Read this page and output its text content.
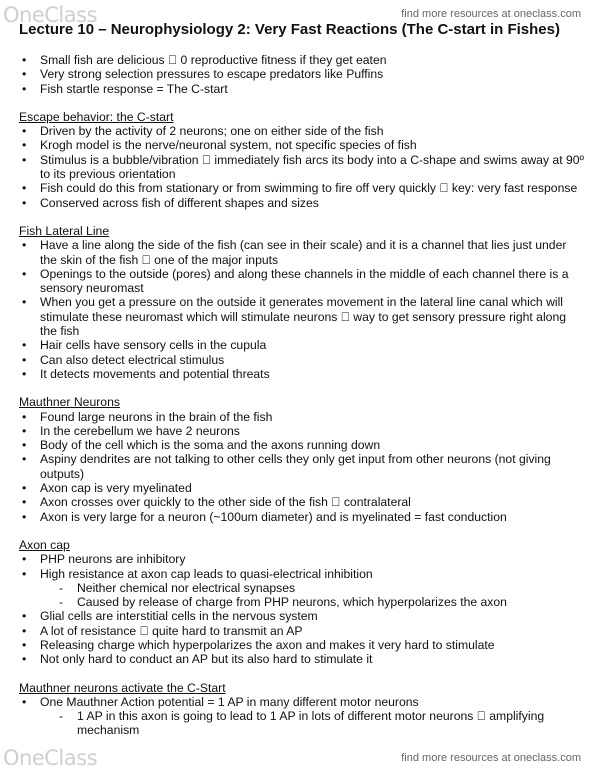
OneClass	find more resources at oneclass.com
Lecture 10 – Neurophysiology 2: Very Fast Reactions (The C-start in Fishes)
• Small fish are delicious 0 reproductive fitness if they get eaten
• Very strong selection pressures to escape predators like Puffins
• Fish startle response = The C-start
Escape behavior: the C-start
• Driven by the activity of 2 neurons; one on either side of the fish
• Krogh model is the nerve/neuronal system, not specific species of fish
• Stimulus is a bubble/vibration immediately fish arcs its body into a C-shape and swims away at 90º to its previous orientation
• Fish could do this from stationary or from swimming to fire off very quickly key: very fast response
• Conserved across fish of different shapes and sizes
Fish Lateral Line
• Have a line along the side of the fish (can see in their scale) and it is a channel that lies just under the skin of the fish one of the major inputs
• Openings to the outside (pores) and along these channels in the middle of each channel there is a sensory neuromast
• When you get a pressure on the outside it generates movement in the lateral line canal which will stimulate these neuromast which will stimulate neurons way to get sensory pressure right along the fish
• Hair cells have sensory cells in the cupula
• Can also detect electrical stimulus
• It detects movements and potential threats
Mauthner Neurons
• Found large neurons in the brain of the fish
• In the cerebellum we have 2 neurons
• Body of the cell which is the soma and the axons running down
• Aspiny dendrites are not talking to other cells they only get input from other neurons (not giving outputs)
• Axon cap is very myelinated
• Axon crosses over quickly to the other side of the fish contralateral
• Axon is very large for a neuron (~100um diameter) and is myelinated = fast conduction
Axon cap
• PHP neurons are inhibitory
• High resistance at axon cap leads to quasi-electrical inhibition
- Neither chemical nor electrical synapses
- Caused by release of charge from PHP neurons, which hyperpolarizes the axon
• Glial cells are interstitial cells in the nervous system
• A lot of resistance quite hard to transmit an AP
• Releasing charge which hyperpolarizes the axon and makes it very hard to stimulate
• Not only hard to conduct an AP but its also hard to stimulate it
Mauthner neurons activate the C-Start
• One Mauthner Action potential = 1 AP in many different motor neurons
- 1 AP in this axon is going to lead to 1 AP in lots of different motor neurons amplifying mechanism
OneClass	find more resources at oneclass.com
